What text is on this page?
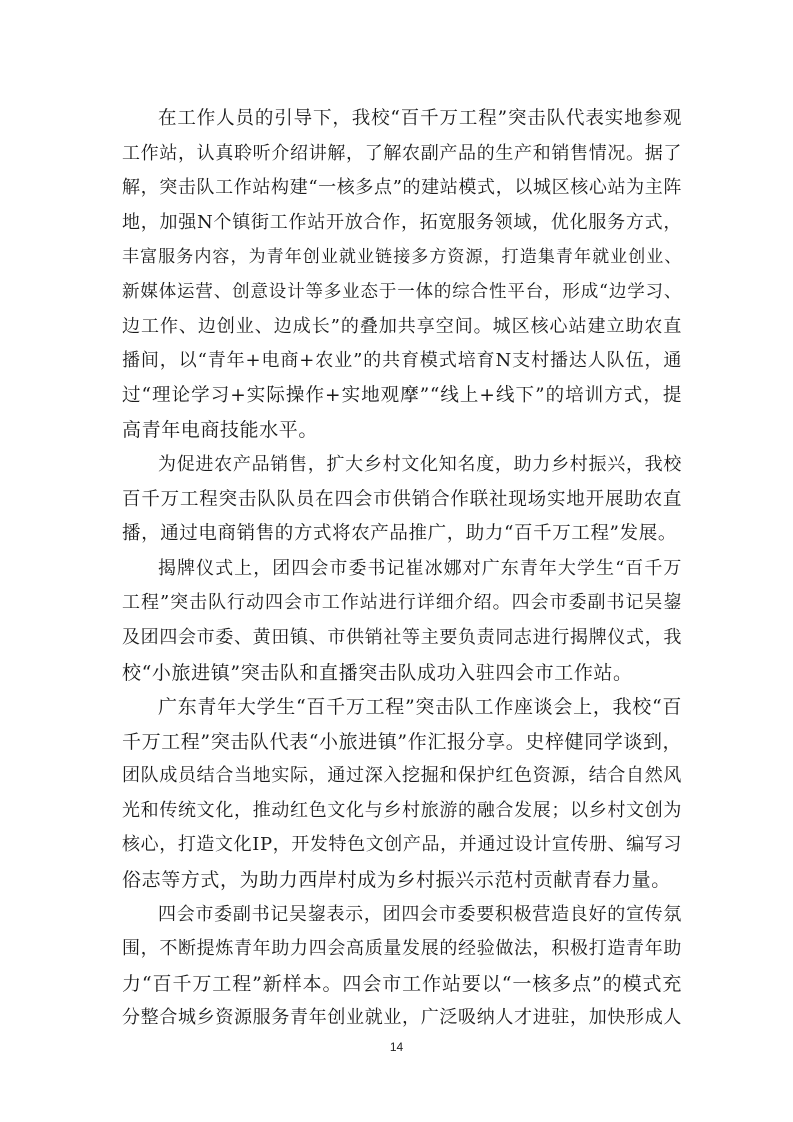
在工作人员的引导下，我校“百千万工程”突击队代表实地参观
工作站，认真聆听介绍讲解，了解农副产品的生产和销售情况。据了
解，突击队工作站构建“一核多点”的建站模式，以城区核心站为主阵
地，加强N个镇街工作站开放合作，拓宽服务领域，优化服务方式，
丰富服务内容，为青年创业就业链接多方资源，打造集青年就业创业、
新媒体运营、创意设计等多业态于一体的综合性平台，形成“边学习、
边工作、边创业、边成长”的叠加共享空间。城区核心站建立助农直
播间，以“青年+电商+农业”的共育模式培育N支村播达人队伍，通
过“理论学习+实际操作+实地观摩”“线上+线下”的培训方式，提
高青年电商技能水平。
为促进农产品销售，扩大乡村文化知名度，助力乡村振兴，我校
百千万工程突击队队员在四会市供销合作联社现场实地开展助农直
播，通过电商销售的方式将农产品推广，助力“百千万工程”发展。
揭牌仪式上，团四会市委书记崔冰娜对广东青年大学生“百千万
工程”突击队行动四会市工作站进行详细介绍。四会市委副书记吴鋆
及团四会市委、黄田镇、市供销社等主要负责同志进行揭牌仪式，我
校“小旅进镇”突击队和直播突击队成功入驻四会市工作站。
广东青年大学生“百千万工程”突击队工作座谈会上，我校“百
千万工程”突击队代表“小旅进镇”作汇报分享。史梓健同学谈到，
团队成员结合当地实际，通过深入挖掘和保护红色资源，结合自然风
光和传统文化，推动红色文化与乡村旅游的融合发展；以乡村文创为
核心，打造文化IP，开发特色文创产品，并通过设计宣传册、编写习
俗志等方式，为助力西岸村成为乡村振兴示范村贡献青春力量。
四会市委副书记吴鋆表示，团四会市委要积极营造良好的宣传氛
围，不断提炼青年助力四会高质量发展的经验做法，积极打造青年助
力“百千万工程”新样本。四会市工作站要以“一核多点”的模式充
分整合城乡资源服务青年创业就业，广泛吸纳人才进驻，加快形成人
14
